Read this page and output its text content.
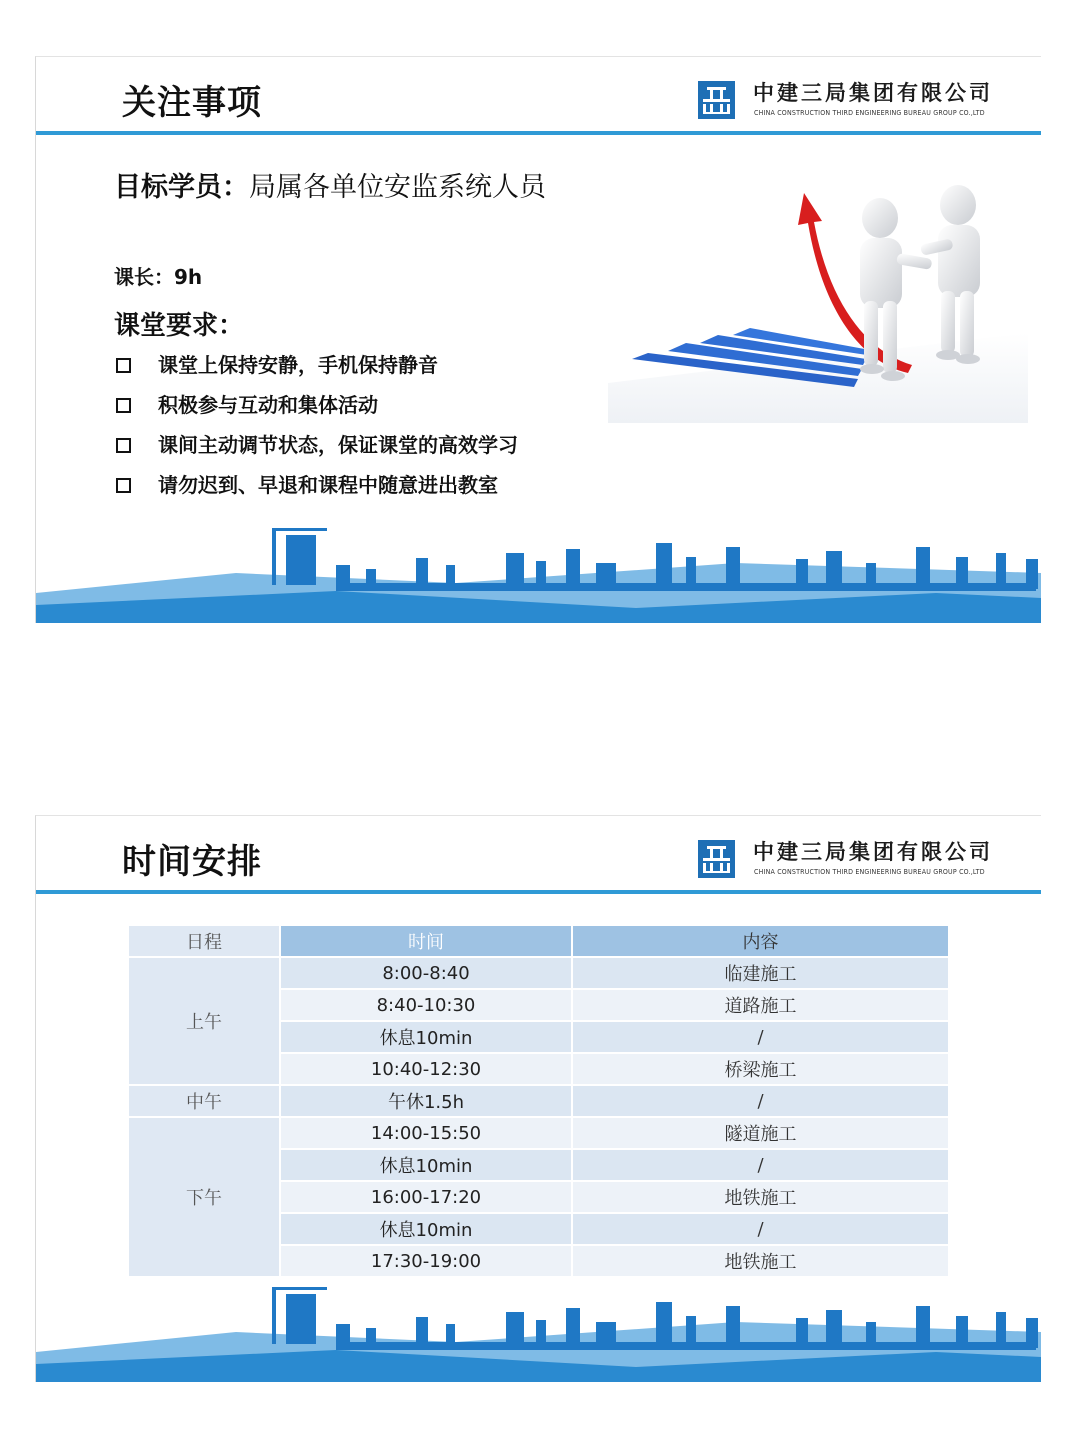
关注事项	中建三局集团有限公司
CHINA CONSTRUCTION THIRD ENGINEERING BUREAU GROUP CO.,LTD
目标学员：局属各单位安监系统人员
课长：9h
课堂要求：
课堂上保持安静，手机保持静音
积极参与互动和集体活动
课间主动调节状态，保证课堂的高效学习
请勿迟到、早退和课程中随意进出教室
时间安排	中建三局集团有限公司
CHINA CONSTRUCTION THIRD ENGINEERING BUREAU GROUP CO.,LTD
日程	时间	内容
上午	8:00-8:40	临建施工
	8:40-10:30	道路施工
	休息10min	/
	10:40-12:30	桥梁施工
中午	午休1.5h	/
下午	14:00-15:50	隧道施工
	休息10min	/
	16:00-17:20	地铁施工
	休息10min	/
	17:30-19:00	地铁施工
